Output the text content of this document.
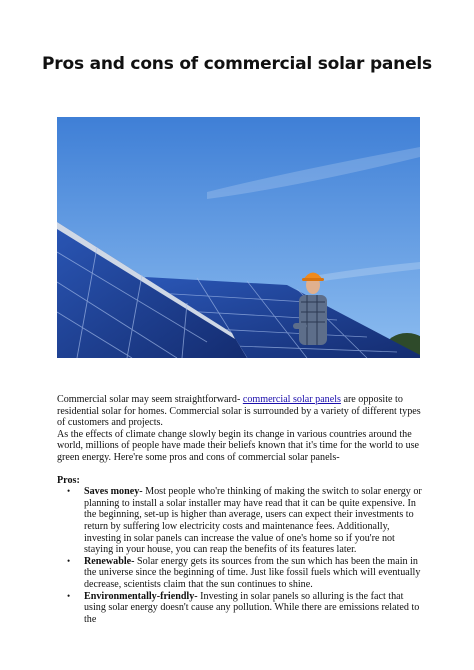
Pros and cons of commercial solar panels

Commercial solar may seem straightforward- commercial solar panels are opposite to residential solar for homes. Commercial solar is surrounded by a variety of different types of customers and projects.

As the effects of climate change slowly begin its change in various countries around the world, millions of people have made their beliefs known that it's time for the world to use green energy. Here're some pros and cons of commercial solar panels-

Pros:

• Saves money- Most people who're thinking of making the switch to solar energy or planning to install a solar installer may have read that it can be quite expensive. In the beginning, set-up is higher than average, users can expect their investments to return by suffering low electricity costs and maintenance fees. Additionally, investing in solar panels can increase the value of one's home so if you're not staying in your house, you can reap the benefits of its features later.
• Renewable- Solar energy gets its sources from the sun which has been the main in the universe since the beginning of time. Just like fossil fuels which will eventually decrease, scientists claim that the sun continues to shine.
• Environmentally-friendly- Investing in solar panels so alluring is the fact that using solar energy doesn't cause any pollution. While there are emissions related to the
